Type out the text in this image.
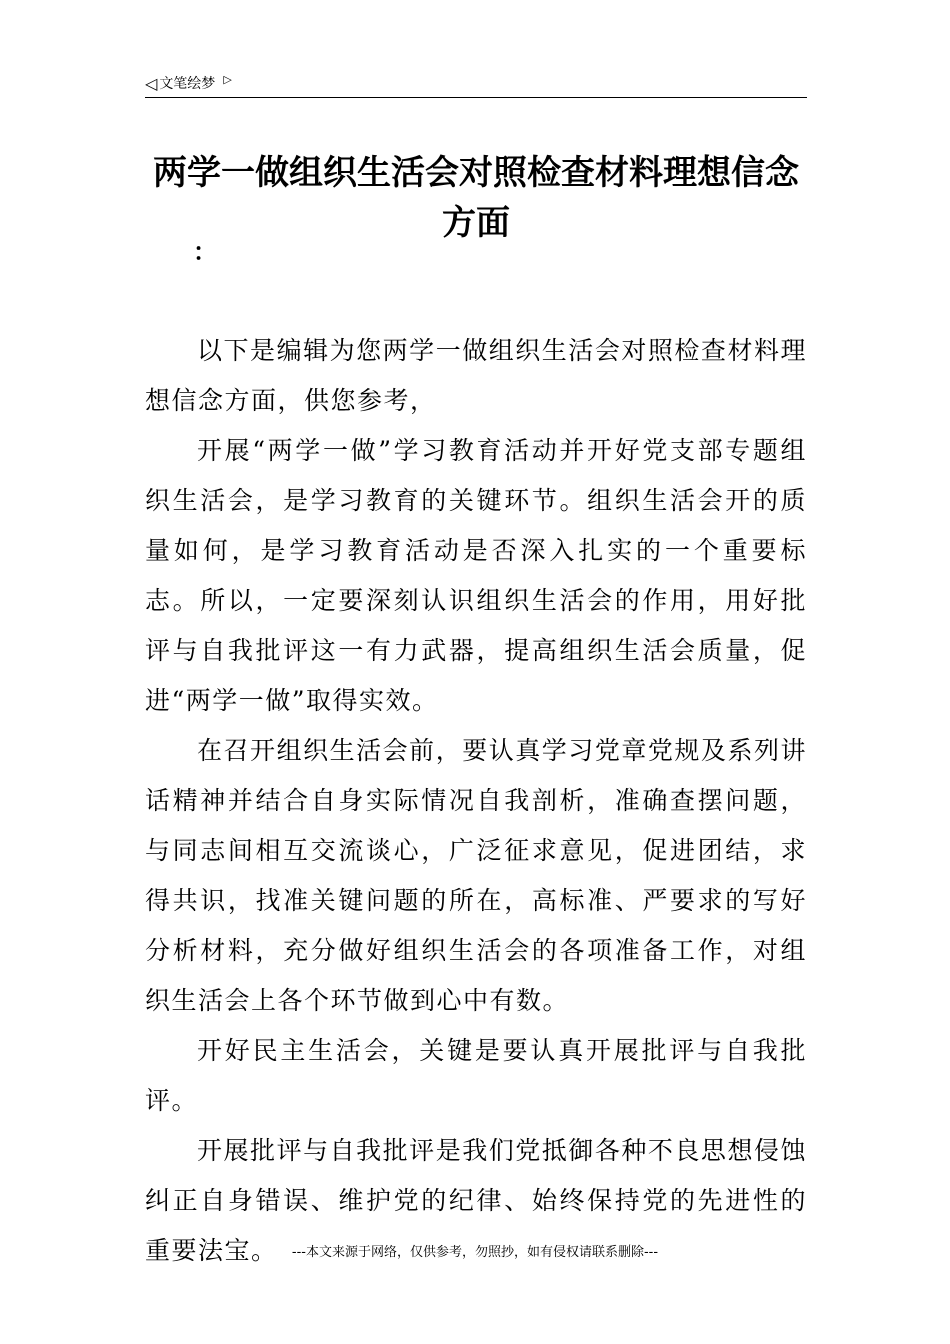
◁ 文笔绘梦 ▷
两学一做组织生活会对照检查材料理想信念方面
：

以下是编辑为您两学一做组织生活会对照检查材料理想信念方面，供您参考，

开展“两学一做”学习教育活动并开好党支部专题组织生活会，是学习教育的关键环节。组织生活会开的质量如何，是学习教育活动是否深入扎实的一个重要标志。所以，一定要深刻认识组织生活会的作用，用好批评与自我批评这一有力武器，提高组织生活会质量，促进“两学一做”取得实效。

在召开组织生活会前，要认真学习党章党规及系列讲话精神并结合自身实际情况自我剖析，准确查摆问题，与同志间相互交流谈心，广泛征求意见，促进团结，求得共识，找准关键问题的所在，高标准、严要求的写好分析材料，充分做好组织生活会的各项准备工作，对组织生活会上各个环节做到心中有数。

开好民主生活会，关键是要认真开展批评与自我批评。

开展批评与自我批评是我们党抵御各种不良思想侵蚀纠正自身错误、维护党的纪律、始终保持党的先进性的重要法宝。	---本文来源于网络，仅供参考，勿照抄，如有侵权请联系删除---
